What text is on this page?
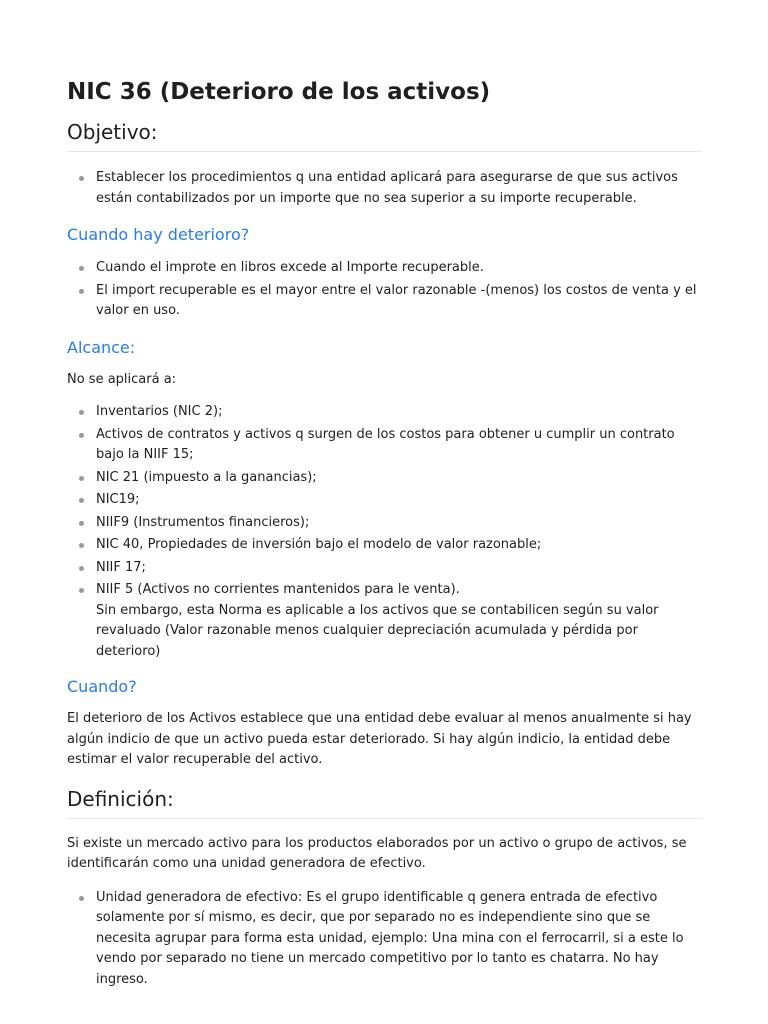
NIC 36 (Deterioro de los activos)
Objetivo:
Establecer los procedimientos q una entidad aplicará para asegurarse de que sus activos están contabilizados por un importe que no sea superior a su importe recuperable.
Cuando hay deterioro?
Cuando el improte en libros excede al Importe recuperable.
El import recuperable es el mayor entre el valor razonable -(menos) los costos de venta y el valor en uso.
Alcance:

No se aplicará a:

Inventarios (NIC 2);
Activos de contratos y activos q surgen de los costos para obtener u cumplir un contrato bajo la NIIF 15;
NIC 21 (impuesto a la ganancias);
NIC19;
NIIF9 (Instrumentos financieros);
NIC 40, Propiedades de inversión bajo el modelo de valor razonable;
NIIF 17;
NIIF 5 (Activos no corrientes mantenidos para le venta).
Sin embargo, esta Norma es aplicable a los activos que se contabilicen según su valor revaluado (Valor razonable menos cualquier depreciación acumulada y pérdida por deterioro)
Cuando?

El deterioro de los Activos establece que una entidad debe evaluar al menos anualmente si hay algún indicio de que un activo pueda estar deteriorado. Si hay algún indicio, la entidad debe estimar el valor recuperable del activo.

Definición:

Si existe un mercado activo para los productos elaborados por un activo o grupo de activos, se identificarán como una unidad generadora de efectivo.

Unidad generadora de efectivo: Es el grupo identificable q genera entrada de efectivo solamente por sí mismo, es decir, que por separado no es independiente sino que se necesita agrupar para forma esta unidad, ejemplo: Una mina con el ferrocarril, si a este lo vendo por separado no tiene un mercado competitivo por lo tanto es chatarra. No hay ingreso.
